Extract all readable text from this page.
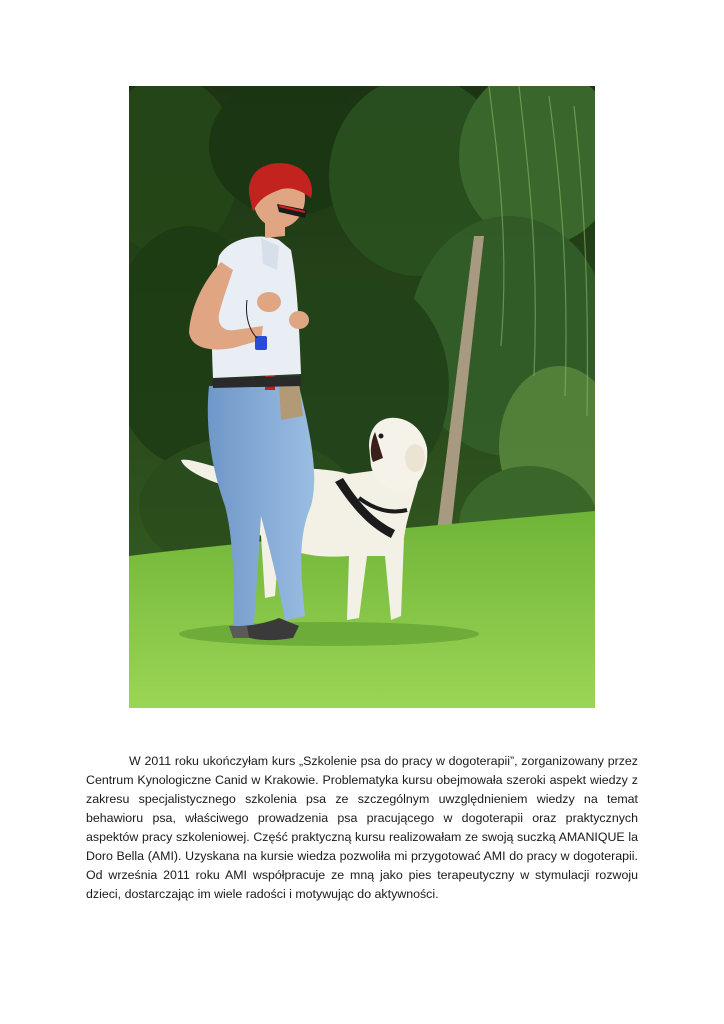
W 2011 roku ukończyłam kurs „Szkolenie psa do pracy w dogoterapii”, zorganizowany przez Centrum Kynologiczne Canid w Krakowie. Problematyka kursu obejmowała szeroki aspekt wiedzy z zakresu specjalistycznego szkolenia psa ze szczególnym uwzględnieniem wiedzy na temat behawioru psa, właściwego prowadzenia psa pracującego w dogoterapii oraz praktycznych aspektów pracy szkoleniowej. Część praktyczną kursu realizowałam ze swoją suczką AMANIQUE la Doro Bella (AMI). Uzyskana na kursie wiedza pozwoliła mi przygotować AMI do pracy w dogoterapii. Od września 2011 roku AMI współpracuje ze mną jako pies terapeutyczny w stymulacji rozwoju dzieci, dostarczając im wiele radości i motywując do aktywności.
